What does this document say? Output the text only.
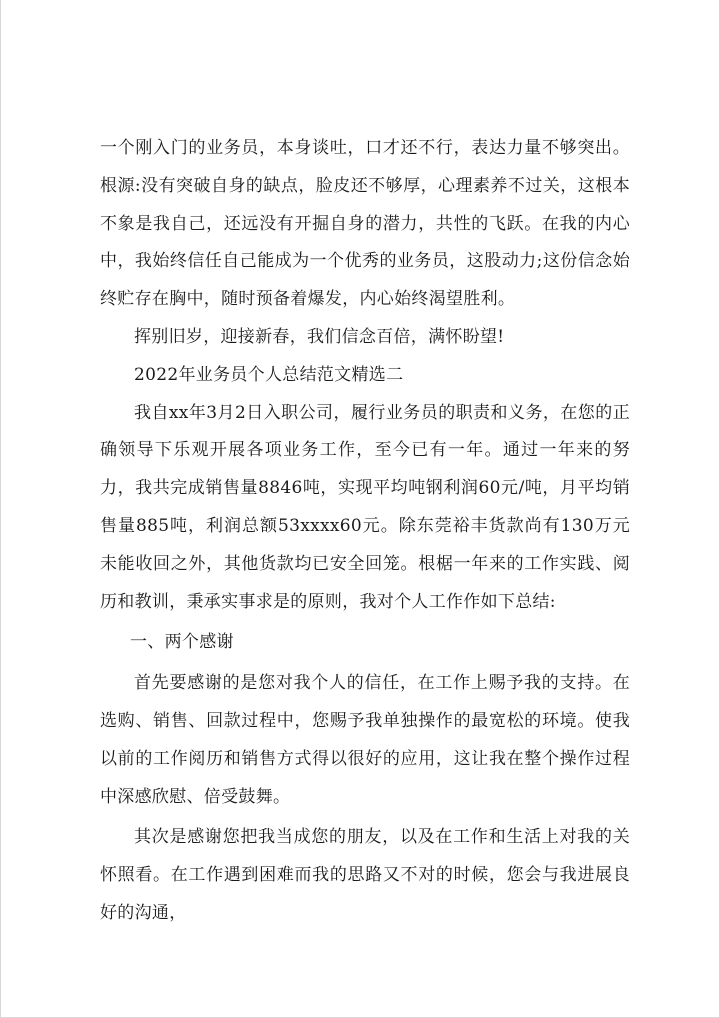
一个刚入门的业务员，本身谈吐，口才还不行，表达力量不够突出。根源:没有突破自身的缺点，脸皮还不够厚，心理素养不过关，这根本不象是我自己，还远没有开掘自身的潜力，共性的飞跃。在我的内心中，我始终信任自己能成为一个优秀的业务员，这股动力;这份信念始终贮存在胸中，随时预备着爆发，内心始终渴望胜利。

挥别旧岁，迎接新春，我们信念百倍，满怀盼望!

2022年业务员个人总结范文精选二

我自xx年3月2日入职公司，履行业务员的职责和义务，在您的正确领导下乐观开展各项业务工作，至今已有一年。通过一年来的努力，我共完成销售量8846吨，实现平均吨钢利润60元/吨，月平均销售量885吨，利润总额53xxxx60元。除东莞裕丰货款尚有130万元未能收回之外，其他货款均已安全回笼。根椐一年来的工作实践、阅历和教训，秉承实事求是的原则，我对个人工作作如下总结:

一、两个感谢

首先要感谢的是您对我个人的信任，在工作上赐予我的支持。在选购、销售、回款过程中，您赐予我单独操作的最宽松的环境。使我以前的工作阅历和销售方式得以很好的应用，这让我在整个操作过程中深感欣慰、倍受鼓舞。

其次是感谢您把我当成您的朋友，以及在工作和生活上对我的关怀照看。在工作遇到困难而我的思路又不对的时候，您会与我进展良好的沟通，
